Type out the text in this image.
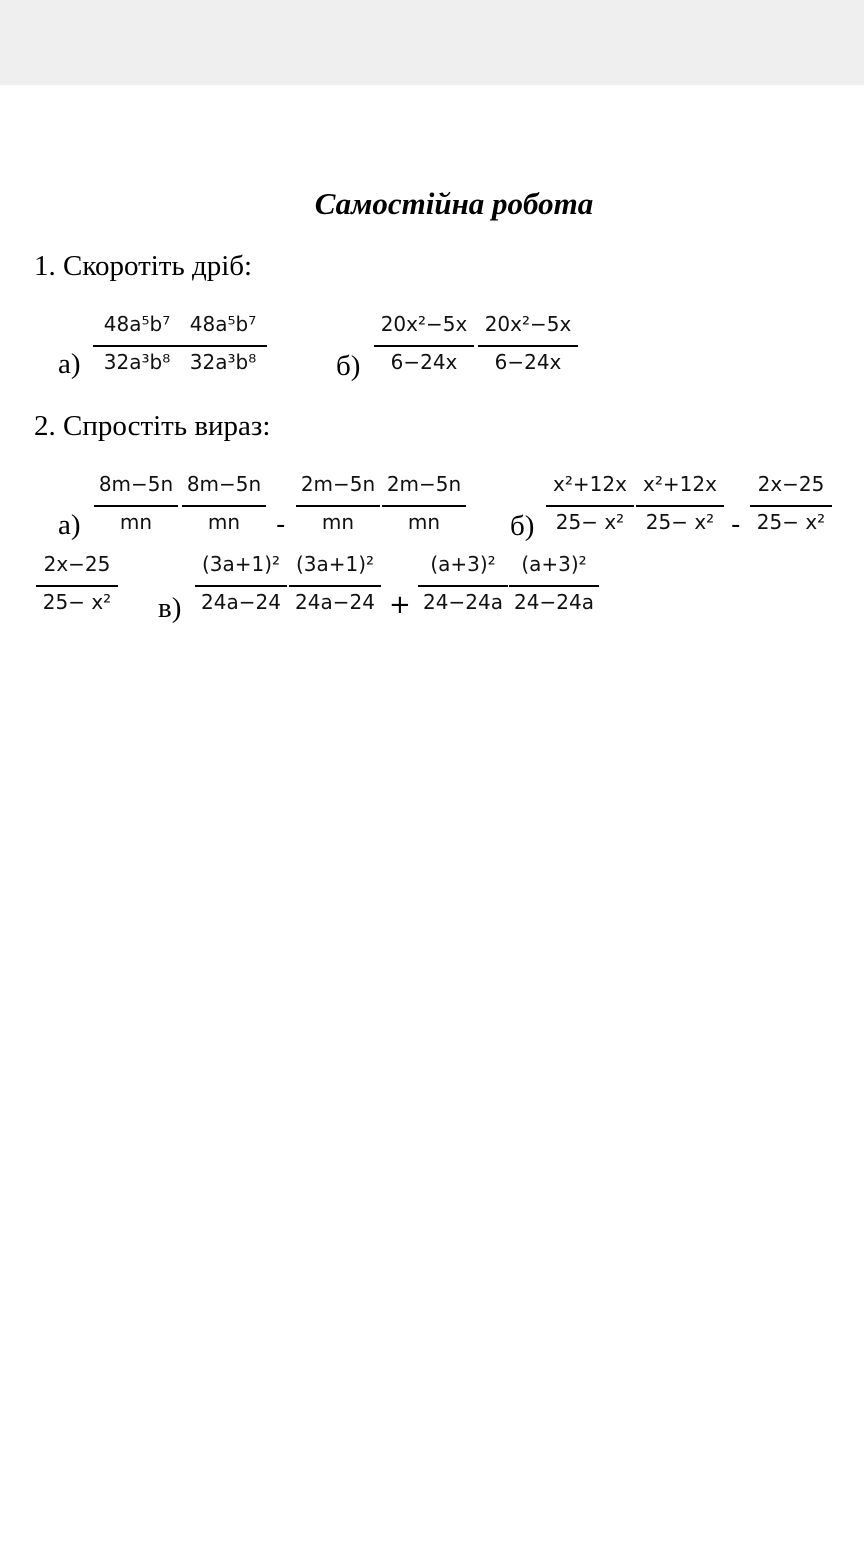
Самостійна робота
1. Скоротіть дріб:
а)
48a⁵b⁷
32a³b⁸
48a⁵b⁷
32a³b⁸	б)
20x²−5x
6−24x
20x²−5x
6−24x
2. Спростіть вираз:
а)
8m−5n
mn
8m−5n
mn	-
2m−5n
mn
2m−5n
mn	б)
x²+12x
25− x²
x²+12x
25− x² -
2x−25
25− x²
2x−25
25− x²	в)
(3a+1)²
24a−24
(3a+1)²
24a−24 +
(a+3)²
24−24a
(a+3)²
24−24a
